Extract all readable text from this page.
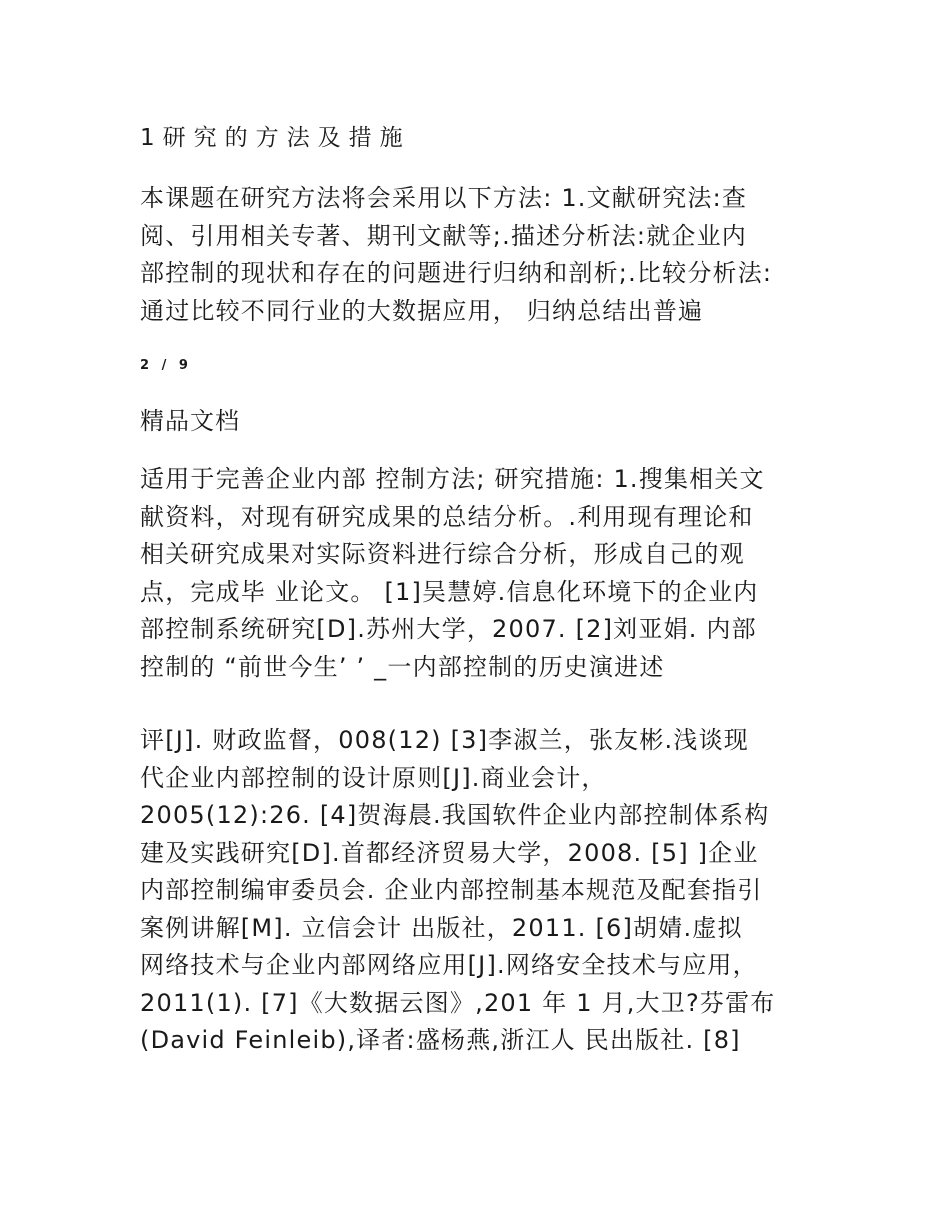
1研究的方法及措施
本课题在研究方法将会采用以下方法: 1.文献研究法:查
阅、引用相关专著、期刊文献等;.描述分析法:就企业内
部控制的现状和存在的问题进行归纳和剖析;.比较分析法:
通过比较不同行业的大数据应用， 归纳总结出普遍
2 / 9
精品文档
适用于完善企业内部 控制方法; 研究措施: 1.搜集相关文
献资料，对现有研究成果的总结分析。.利用现有理论和
相关研究成果对实际资料进行综合分析，形成自己的观
点，完成毕 业论文。 [1]吴慧婷.信息化环境下的企业内
部控制系统研究[D].苏州大学，2007. [2]刘亚娟. 内部
控制的 “前世今生’ ’ _一内部控制的历史演进述
评[J]. 财政监督，008(12) [3]李淑兰，张友彬.浅谈现
代企业内部控制的设计原则[J].商业会计，
2005(12):26. [4]贺海晨.我国软件企业内部控制体系构
建及实践研究[D].首都经济贸易大学，2008. [5] ]企业
内部控制编审委员会. 企业内部控制基本规范及配套指引
案例讲解[M]. 立信会计 出版社，2011. [6]胡婧.虚拟
网络技术与企业内部网络应用[J].网络安全技术与应用，
2011(1). [7]《大数据云图》,201 年 1 月,大卫?芬雷布
(David Feinleib),译者:盛杨燕,浙江人 民出版社. [8]
